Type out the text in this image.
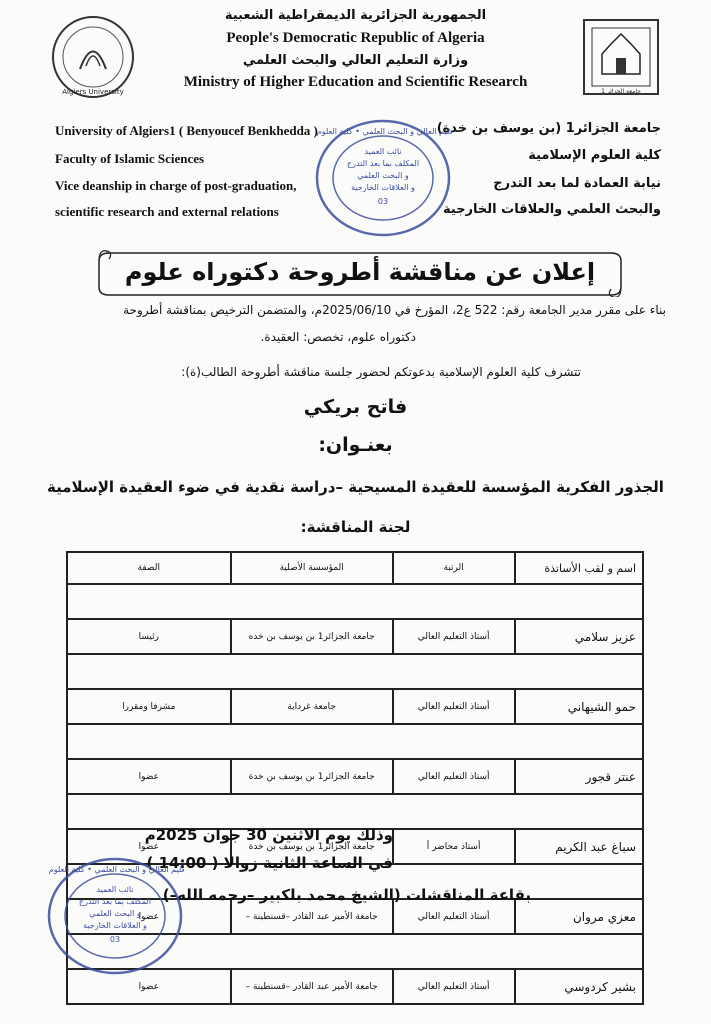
Algiers University	جامعة الجزائر 1
الجمهورية الجزائرية الديمقراطية الشعبية
People's Democratic Republic of Algeria
وزارة التعليم العالي والبحث العلمي
Ministry of Higher Education and Scientific Research
University of Algiers1 ( Benyoucef Benkhedda )
Faculty of Islamic Sciences
Vice deanship in charge of post-graduation,
scientific research and external relations
جامعة الجزائر1 (بن يوسف بن خدة)
كلية العلوم الإسلامية
نيابة العمادة لما بعد التدرج
والبحث العلمي والعلاقات الخارجية
عليم العالي و البحث العلمي • كلية العلوم
نائب العميد
المكلف بما بعد التدرج
و البحث العلمي
و العلاقات الخارجية
03
إعلان عن مناقشة أطروحة دكتوراه علوم
بناء على مقرر مدير الجامعة رقم: 522 ع2، المؤرخ في 2025/06/10م، والمتضمن الترخيص بمناقشة أطروحة
دكتوراه علوم، تخصص: العقيدة.
تتشرف كلية العلوم الإسلامية بدعوتكم لحضور جلسة مناقشة أطروحة الطالب(ة):
فاتح بريكي
بعنـوان:
الجذور الفكرية المؤسسة للعقيدة المسيحية –دراسة نقدية في ضوء العقيدة الإسلامية
لجنة المناقشة:
اسم و لقب الأساتذة	الرتبة	المؤسسة الأصلية	الصفة

عزيز سلامي	أستاذ التعليم العالي	جامعة الجزائر1 بن يوسف بن خده	رئيسا

حمو الشيهاني	أستاذ التعليم العالي	جامعة غرداية	مشرفا ومقررا

عنتر قجور	أستاذ التعليم العالي	جامعة الجزائر1 بن يوسف بن خدة	عضوا

سباغ عبد الكريم	أستاذ محاضر أ	جامعة الجزائر1 بن يوسف بن خدة	عضوا

معزي مروان	أستاذ التعليم العالي	جامعة الأمير عبد القادر –قسنطينة –	عضوا

بشير كردوسي	أستاذ التعليم العالي	جامعة الأمير عبد القادر –قسنطينة –	عضوا
وذلك يوم الاثنين 30 جوان 2025م
في الساعة الثانية زوالا ( 14:00 )
بقاعة المناقشات (الشيخ محمد بلكبير –رحمه الله–)
عليم العالي و البحث العلمي • كلية العلوم
نائب العميد
المكلف بما بعد التدرج
و البحث العلمي
و العلاقات الخارجية
03
